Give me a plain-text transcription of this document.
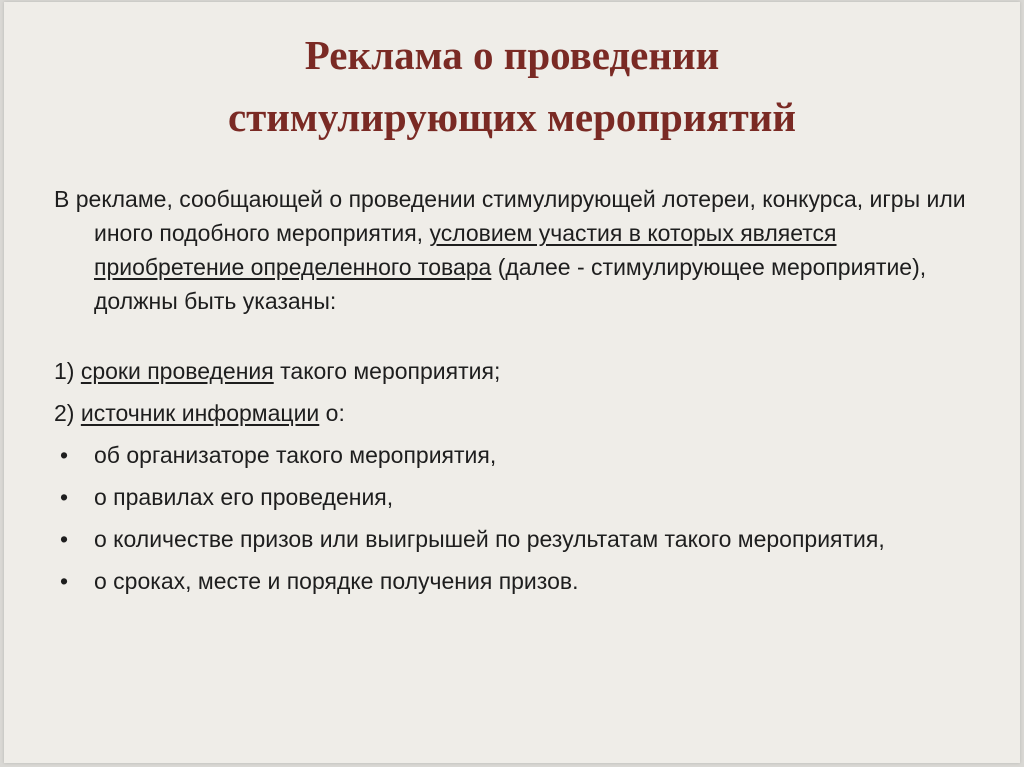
Реклама о проведении
стимулирующих мероприятий

В рекламе, сообщающей о проведении стимулирующей лотереи, конкурса, игры или иного подобного мероприятия, условием участия в которых является приобретение определенного товара (далее - стимулирующее мероприятие), должны быть указаны:

1) сроки проведения такого мероприятия;

2) источник информации о:

• об организаторе такого мероприятия,
• о правилах его проведения,
• о количестве призов или выигрышей по результатам такого мероприятия,
• о сроках, месте и порядке получения призов.
